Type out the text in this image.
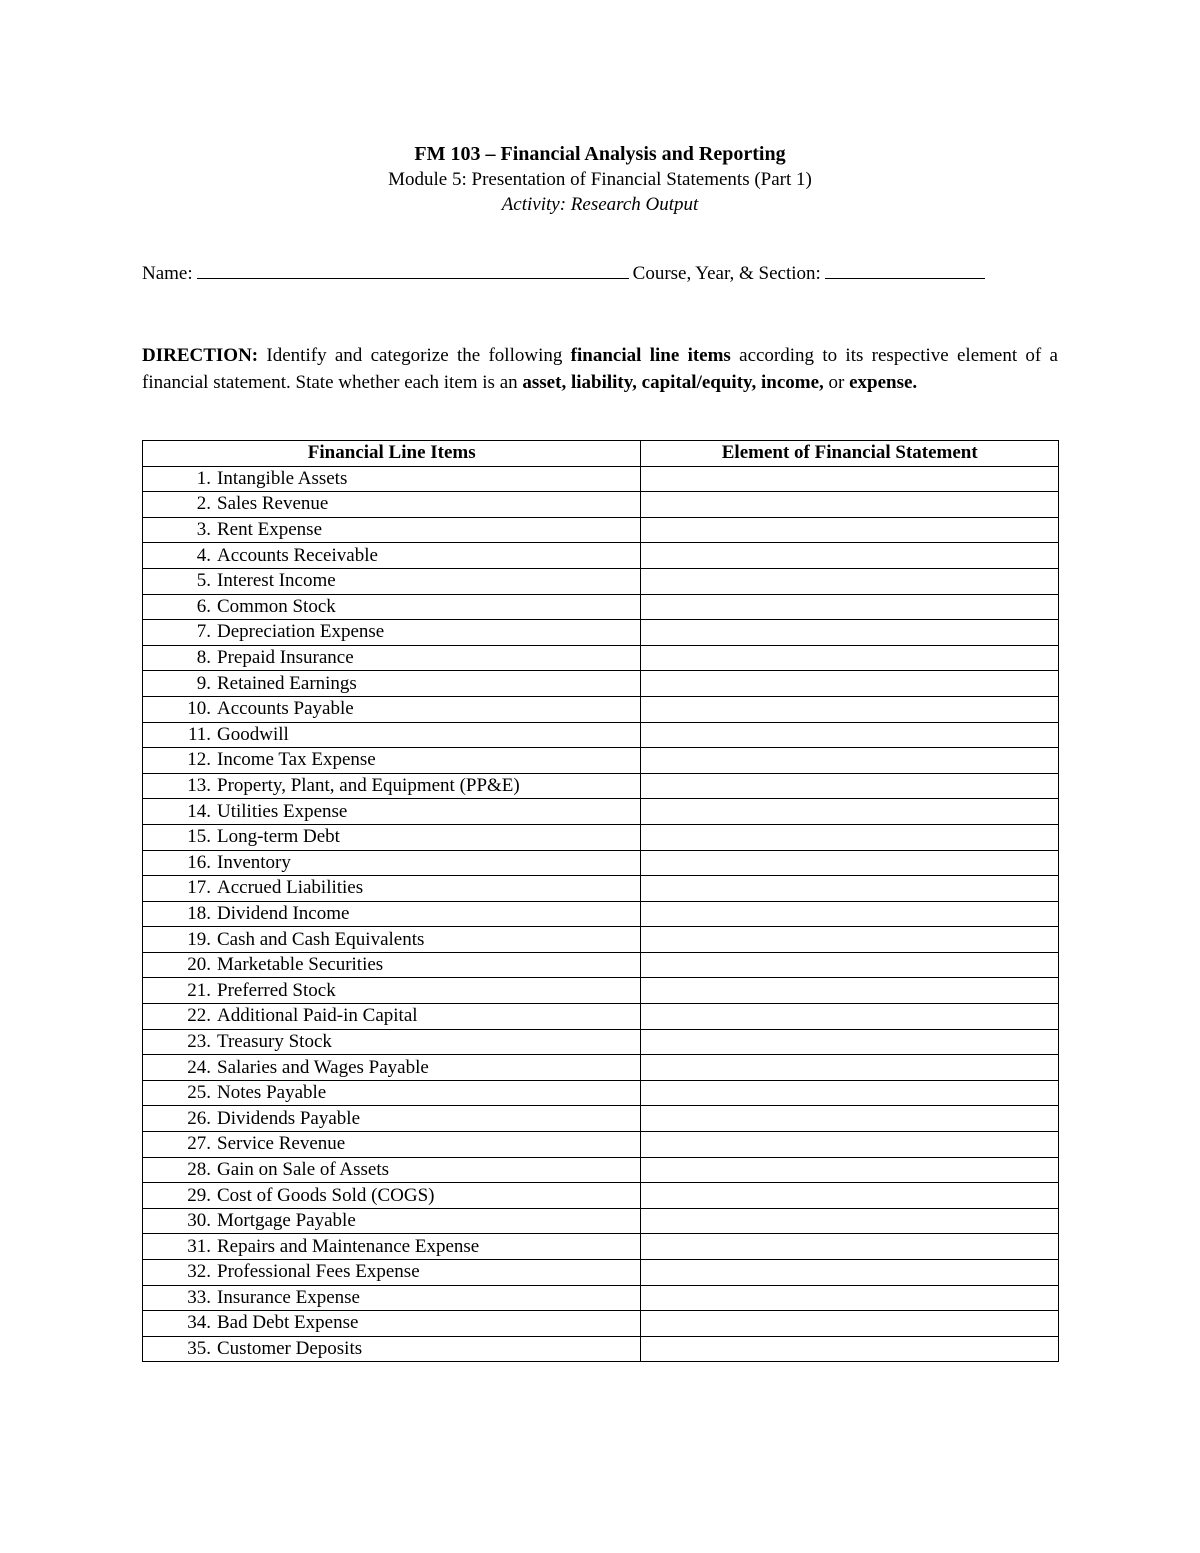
FM 103 – Financial Analysis and Reporting
Module 5: Presentation of Financial Statements (Part 1)
Activity: Research Output
Name:	Course, Year, & Section:
DIRECTION: Identify and categorize the following financial line items according to its respective element of a financial statement. State whether each item is an asset, liability, capital/equity, income, or expense.
Financial Line Items	Element of Financial Statement
1. Intangible Assets	
2. Sales Revenue	
3. Rent Expense	
4. Accounts Receivable	
5. Interest Income	
6. Common Stock	
7. Depreciation Expense	
8. Prepaid Insurance	
9. Retained Earnings	
10. Accounts Payable	
11. Goodwill	
12. Income Tax Expense	
13. Property, Plant, and Equipment (PP&E)	
14. Utilities Expense	
15. Long-term Debt	
16. Inventory	
17. Accrued Liabilities	
18. Dividend Income	
19. Cash and Cash Equivalents	
20. Marketable Securities	
21. Preferred Stock	
22. Additional Paid-in Capital	
23. Treasury Stock	
24. Salaries and Wages Payable	
25. Notes Payable	
26. Dividends Payable	
27. Service Revenue	
28. Gain on Sale of Assets	
29. Cost of Goods Sold (COGS)	
30. Mortgage Payable	
31. Repairs and Maintenance Expense	
32. Professional Fees Expense	
33. Insurance Expense	
34. Bad Debt Expense	
35. Customer Deposits	
